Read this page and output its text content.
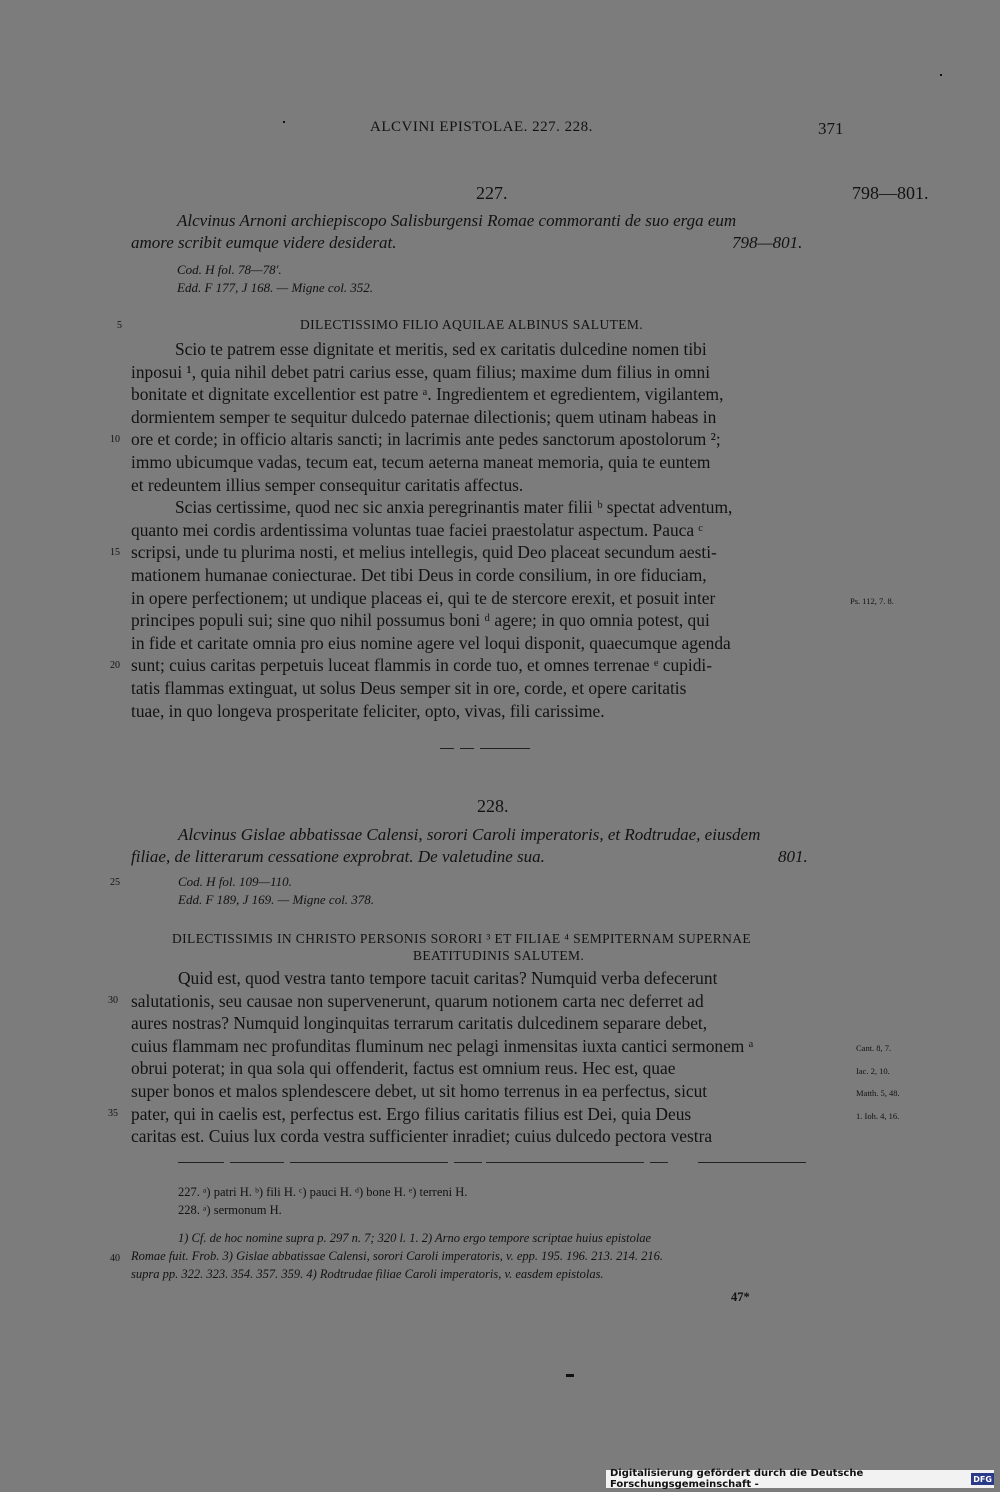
ALCVINI EPISTOLAE. 227. 228.	371
227.	798—801.
Alcvinus Arnoni archiepiscopo Salisburgensi Romae commoranti de suo erga eum
amore scribit eumque videre desiderat.	798—801.
Cod. H fol. 78—78'.
Edd. F 177, J 168. — Migne col. 352.
5	DILECTISSIMO FILIO AQUILAE ALBINUS SALUTEM.
Scio te patrem esse dignitate et meritis, sed ex caritatis dulcedine nomen tibi
inposui ¹, quia nihil debet patri carius esse, quam filius; maxime dum filius in omni
bonitate et dignitate excellentior est patre ᵃ. Ingredientem et egredientem, vigilantem,
dormientem semper te sequitur dulcedo paternae dilectionis; quem utinam habeas in
ore et corde; in officio altaris sancti; in lacrimis ante pedes sanctorum apostolorum ²;
immo ubicumque vadas, tecum eat, tecum aeterna maneat memoria, quia te euntem
et redeuntem illius semper consequitur caritatis affectus.
Scias certissime, quod nec sic anxia peregrinantis mater filii ᵇ spectat adventum,
quanto mei cordis ardentissima voluntas tuae faciei praestolatur aspectum. Pauca ᶜ
scripsi, unde tu plurima nosti, et melius intellegis, quid Deo placeat secundum aesti-
mationem humanae coniecturae. Det tibi Deus in corde consilium, in ore fiduciam,
in opere perfectionem; ut undique placeas ei, qui te de stercore erexit, et posuit inter
principes populi sui; sine quo nihil possumus boni ᵈ agere; in quo omnia potest, qui
in fide et caritate omnia pro eius nomine agere vel loqui disponit, quaecumque agenda
sunt; cuius caritas perpetuis luceat flammis in corde tuo, et omnes terrenae ᵉ cupidi-
tatis flammas extinguat, ut solus Deus semper sit in ore, corde, et opere caritatis
tuae, in quo longeva prosperitate feliciter, opto, vivas, fili carissime.
10
15
20
Ps. 112, 7. 8.
228.
Alcvinus Gislae abbatissae Calensi, sorori Caroli imperatoris, et Rodtrudae, eiusdem
filiae, de litterarum cessatione exprobrat. De valetudine sua.	801.
25	Cod. H fol. 109—110.
Edd. F 189, J 169. — Migne col. 378.
DILECTISSIMIS IN CHRISTO PERSONIS SORORI ³ ET FILIAE ⁴ SEMPITERNAM SUPERNAE
BEATITUDINIS SALUTEM.
Quid est, quod vestra tanto tempore tacuit caritas? Numquid verba defecerunt
salutationis, seu causae non supervenerunt, quarum notionem carta nec deferret ad
aures nostras? Numquid longinquitas terrarum caritatis dulcedinem separare debet,
cuius flammam nec profunditas fluminum nec pelagi inmensitas iuxta cantici sermonem ᵃ
obrui poterat; in qua sola qui offenderit, factus est omnium reus. Hec est, quae
super bonos et malos splendescere debet, ut sit homo terrenus in ea perfectus, sicut
pater, qui in caelis est, perfectus est. Ergo filius caritatis filius est Dei, quia Deus
caritas est. Cuius lux corda vestra sufficienter inradiet; cuius dulcedo pectora vestra
30
35
Cant. 8, 7.
Iac. 2, 10.
Matth. 5, 48.
1. Ioh. 4, 16.
227. ᵃ) patri H. ᵇ) fili H. ᶜ) pauci H. ᵈ) bone H. ᵉ) terreni H.
228. ᵃ) sermonum H.
1) Cf. de hoc nomine supra p. 297 n. 7; 320 l. 1. 2) Arno ergo tempore scriptae huius epistolae
40 Romae fuit. Frob. 3) Gislae abbatissae Calensi, sorori Caroli imperatoris, v. epp. 195. 196. 213. 214. 216.
supra pp. 322. 323. 354. 357. 359. 4) Rodtrudae filiae Caroli imperatoris, v. easdem epistolas.
47*
Digitalisierung gefördert durch die Deutsche Forschungsgemeinschaft -	DFG
